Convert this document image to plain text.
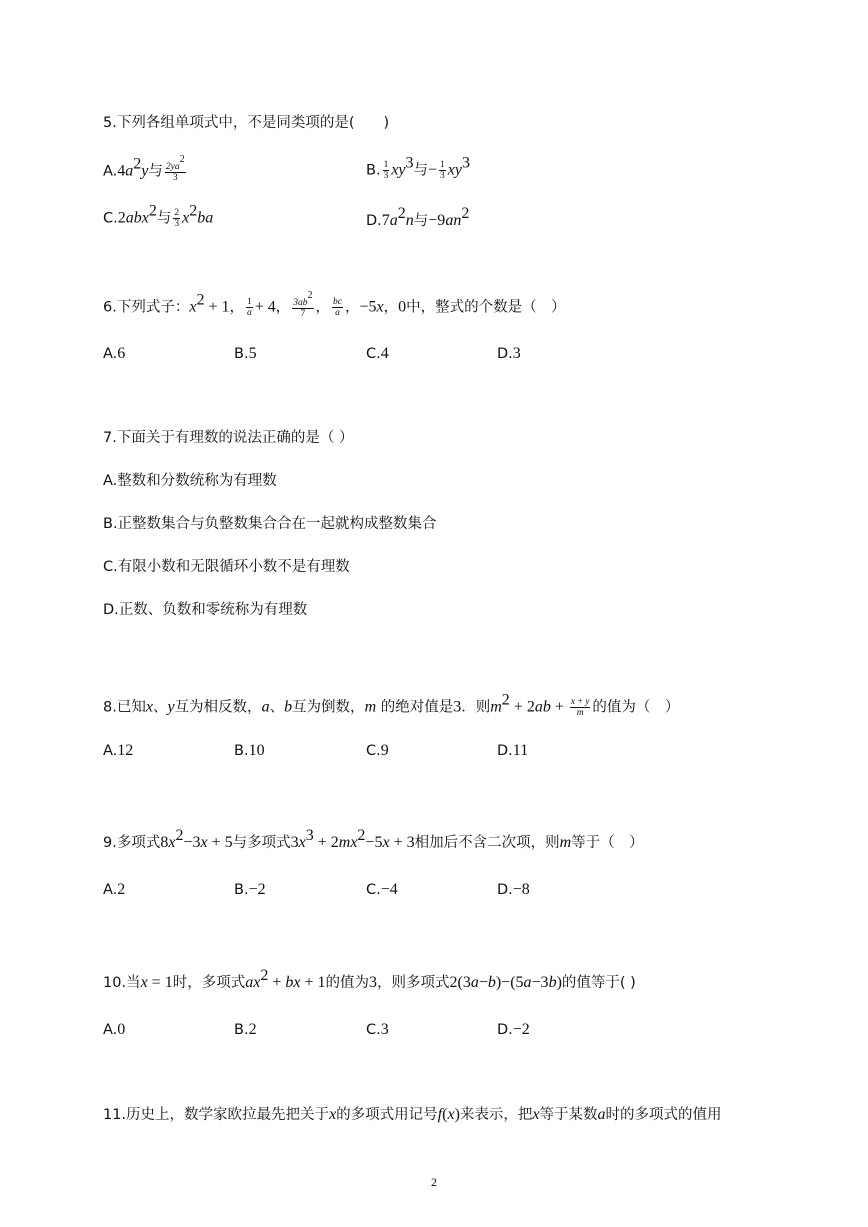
5.下列各组单项式中，不是同类项的是(　　)
$A.4a^2y$与 $\frac{2ya^2}{3}$	B. $\frac{1}{3} xy^3$与− $\frac{1}{3} xy^3$
C.2abx$^2$与 $\frac{2}{3} x^2ba$	$D.7a^2n$与$-9an^2$
6.下列式子：$x^2 + 1$， $\frac{1}{a} + 4$， $\frac{3ab^2}{7}$ ， $\frac{bc}{a}$ ，−5x，0中，整式的个数是（　）
A.6	B.5	C.4	D.3
7.下面关于有理数的说法正确的是（ ）
A.整数和分数统称为有理数
B.正整数集合与负整数集合合在一起就构成整数集合
C.有限小数和无限循环小数不是有理数
D.正数、负数和零统称为有理数
8.已知x、y互为相反数，a、b互为倒数，m 的绝对值是3．则$m^2 + 2ab + \frac{x + y}{m}$ 的值为（　）
A.12	B.10	C.9	D.11
9.多项式$8x^2-3x + 5$与多项式$3x^3 + 2mx^2-5x + 3$相加后不含二次项，则m等于（　）
A.2	B.−2	C.−4	D.−8
10.当x = 1时，多项式$ax^2$ + bx + 1的值为3，则多项式2(3a−b)−(5a−3b)的值等于( )
A.0	B.2	C.3	D.−2
11.历史上，数学家欧拉最先把关于x的多项式用记号f(x)来表示，把x等于某数a时的多项式的值用
2
